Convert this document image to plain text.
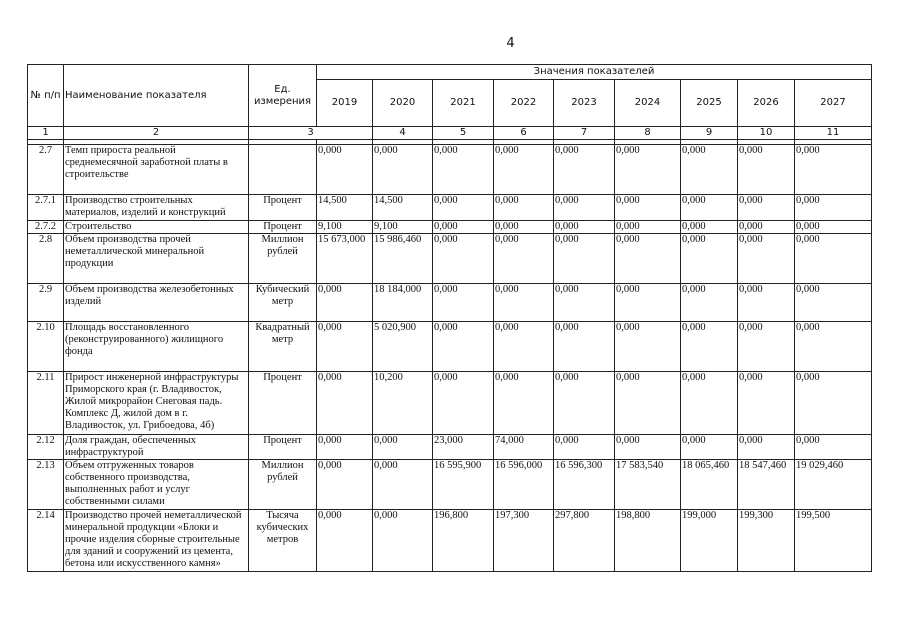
4
№ п/п	Наименование показателя	Ед. измерения	Значения показателей								
			2019	2020	2021	2022	2023	2024	2025	2026	2027
1	2	3		4	5	6	7	8	9	10	11

2.7	Темп прироста реальной среднемесячной заработной платы в строительстве		0,000	0,000	0,000	0,000	0,000	0,000	0,000	0,000	0,000
2.7.1	Производство строительных материалов, изделий и конструкций	Процент	14,500	14,500	0,000	0,000	0,000	0,000	0,000	0,000	0,000
2.7.2	Строительство	Процент	9,100	9,100	0,000	0,000	0,000	0,000	0,000	0,000	0,000
2.8	Объем производства прочей неметаллической минеральной продукции	Миллион рублей	15 673,000	15 986,460	0,000	0,000	0,000	0,000	0,000	0,000	0,000
2.9	Объем производства железобетонных изделий	Кубический метр	0,000	18 184,000	0,000	0,000	0,000	0,000	0,000	0,000	0,000
2.10	Площадь восстановленного (реконструированного) жилищного фонда	Квадратный метр	0,000	5 020,900	0,000	0,000	0,000	0,000	0,000	0,000	0,000
2.11	Прирост инженерной инфраструктуры Приморского края (г. Владивосток, Жилой микрорайон Снеговая падь. Комплекс Д, жилой дом в г. Владивосток, ул. Грибоедова, 4б)	Процент	0,000	10,200	0,000	0,000	0,000	0,000	0,000	0,000	0,000
2.12	Доля граждан, обеспеченных инфраструктурой	Процент	0,000	0,000	23,000	74,000	0,000	0,000	0,000	0,000	0,000
2.13	Объем отгруженных товаров собственного производства, выполненных работ и услуг собственными силами	Миллион рублей	0,000	0,000	16 595,900	16 596,000	16 596,300	17 583,540	18 065,460	18 547,460	19 029,460
2.14	Производство прочей неметаллической минеральной продукции «Блоки и прочие изделия сборные строительные для зданий и сооружений из цемента, бетона или искусственного камня»	Тысяча кубических метров	0,000	0,000	196,800	197,300	297,800	198,800	199,000	199,300	199,500
